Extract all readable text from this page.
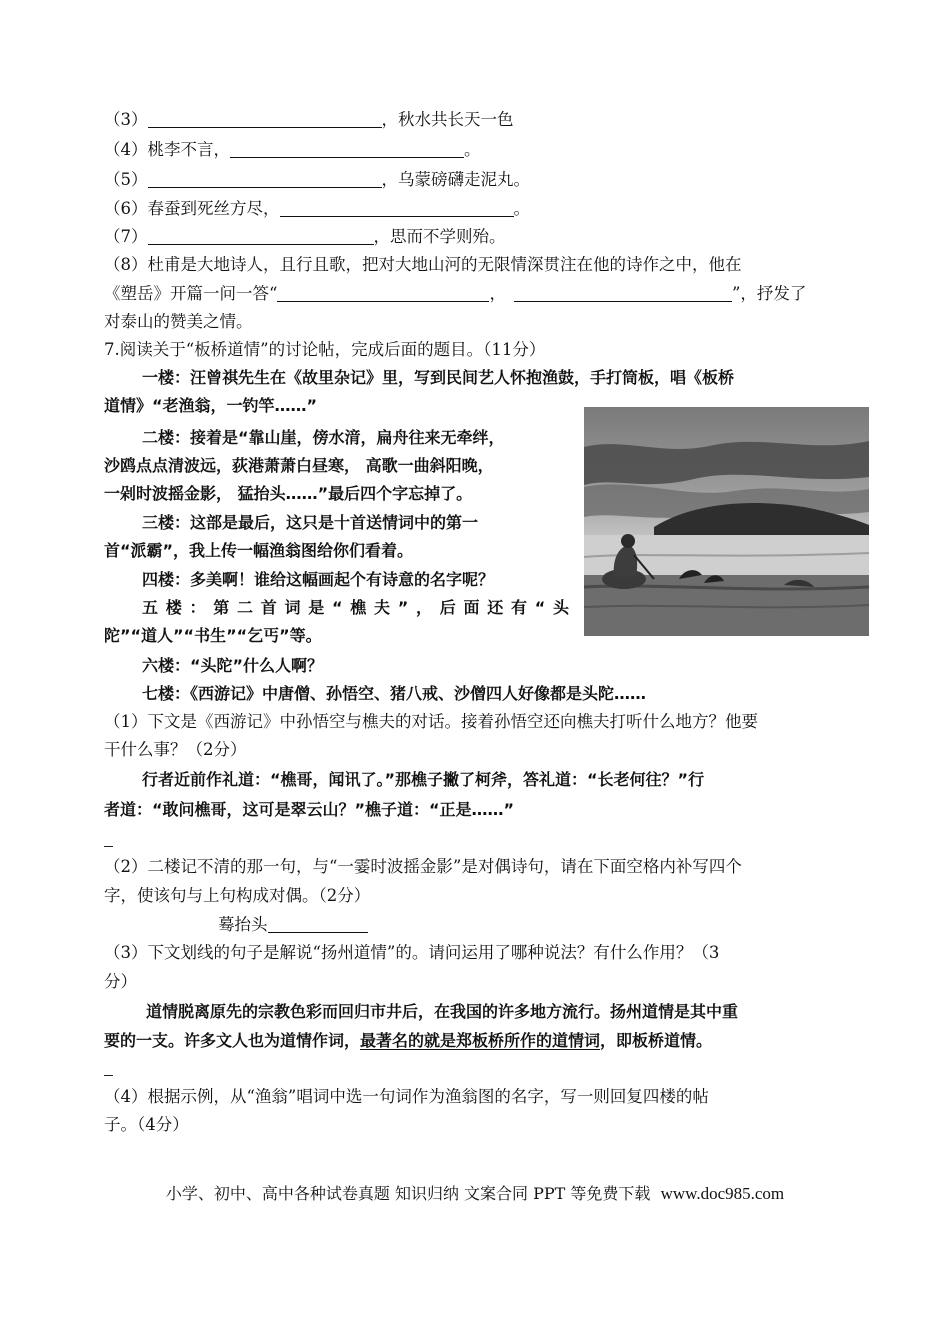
（3）	，秋水共长天一色
（4）桃李不言，	。
（5）	，乌蒙磅礴走泥丸。
（6）春蚕到死丝方尽，	。
（7）	，思而不学则殆。
（8）杜甫是大地诗人，且行且歌，把对大地山河的无限情深贯注在他的诗作之中，他在
《塑岳》开篇一问一答“	，	”，抒发了
对泰山的赞美之情。
7.阅读关于“板桥道情”的讨论帖，完成后面的题目。（11分）
一楼：汪曾祺先生在《故里杂记》里，写到民间艺人怀抱渔鼓，手打筒板，唱《板桥
道情》“老渔翁，一钓竿……”
二楼：接着是“靠山崖，傍水湇，扁舟往来无牵绊，
沙鸥点点清波远，荻港萧萧白昼寒， 高歌一曲斜阳晚，
一剁时波摇金影， 猛抬头……”最后四个字忘掉了。
三楼：这部是最后，这只是十首送情词中的第一
首“派霸”，我上传一幅渔翁图给你们看着。
四楼：多美啊！谁给这幅画起个有诗意的名字呢？
五楼：第二首词是“樵夫”，后面还有“头
陀”“道人”“书生”“乞丐”等。
六楼：“头陀”什么人啊？
七楼：《西游记》中唐僧、孙悟空、猪八戒、沙僧四人好像都是头陀……
（1）下文是《西游记》中孙悟空与樵夫的对话。接着孙悟空还向樵夫打听什么地方？他要
干什么事？（2分）
行者近前作礼道：“樵哥，闻讯了。”那樵子撇了柯斧，答礼道：“长老何往？”行
者道：“敢问樵哥，这可是翠云山？”樵子道：“正是……”
（2）二楼记不清的那一句，与“一霎时波摇金影”是对偶诗句，请在下面空格内补写四个
字，使该句与上句构成对偶。（2分）
蓦抬头
（3）下文划线的句子是解说“扬州道情”的。请问运用了哪种说法？有什么作用？（3
分）
道情脱离原先的宗教色彩而回归市井后，在我国的许多地方流行。扬州道情是其中重
要的一支。许多文人也为道情作词，最著名的就是郑板桥所作的道情词，即板桥道情。
（4）根据示例，从“渔翁”唱词中选一句词作为渔翁图的名字，写一则回复四楼的帖
子。（4分）
小学、初中、高中各种试卷真题 知识归纳 文案合同 PPT 等免费下载 www.doc985.com
